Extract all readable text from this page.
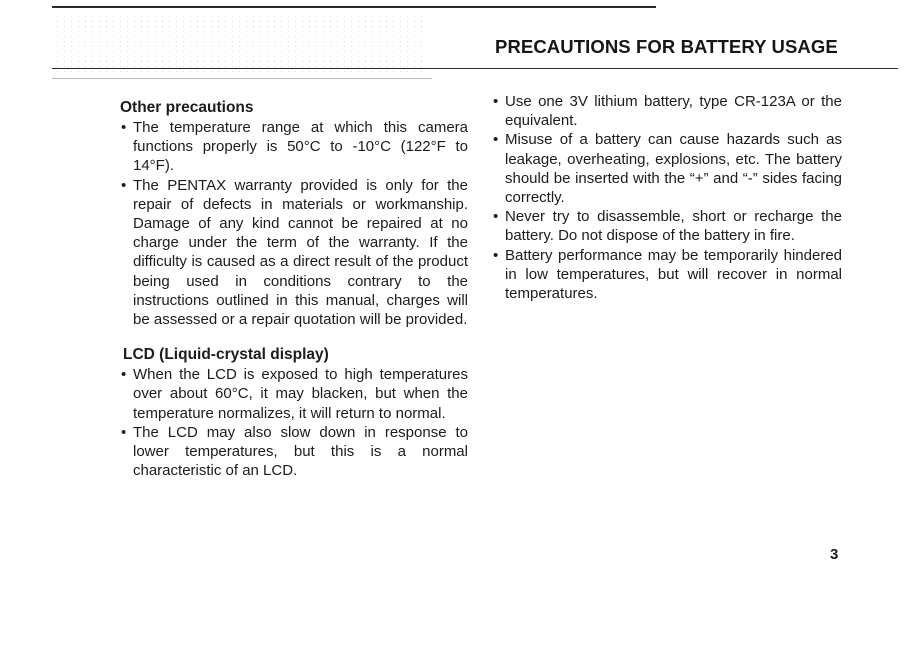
PRECAUTIONS FOR BATTERY USAGE
Other precautions
• The temperature range at which this camera functions properly is 50°C to -10°C (122°F to 14°F).
• The PENTAX warranty provided is only for the repair of defects in materials or workmanship. Damage of any kind cannot be repaired at no charge under the term of the warranty. If the difficulty is caused as a direct result of the product being used in conditions contrary to the instructions outlined in this manual, charges will be assessed or a repair quotation will be provided.
LCD (Liquid-crystal display)
• When the LCD is exposed to high temperatures over about 60°C, it may blacken, but when the temperature normalizes, it will return to normal.
• The LCD may also slow down in response to lower temperatures, but this is a normal characteristic of an LCD.
• Use one 3V lithium battery, type CR-123A or the equivalent.
• Misuse of a battery can cause hazards such as leakage, overheating, explosions, etc. The battery should be inserted with the “+” and “-” sides facing correctly.
• Never try to disassemble, short or recharge the battery. Do not dispose of the battery in fire.
• Battery performance may be temporarily hindered in low temperatures, but will recover in normal temperatures.
3
